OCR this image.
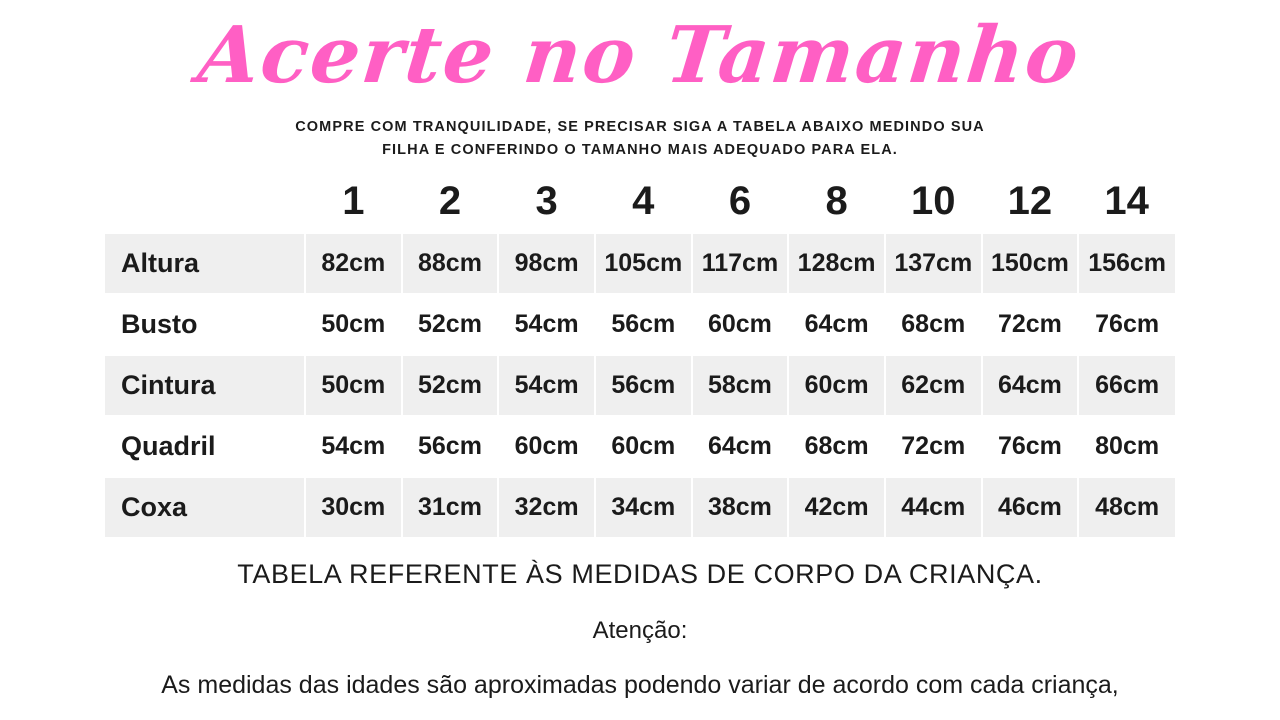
Acerte no Tamanho

COMPRE COM TRANQUILIDADE, SE PRECISAR SIGA A TABELA ABAIXO MEDINDO SUA FILHA E CONFERINDO O TAMANHO MAIS ADEQUADO PARA ELA.

	1	2	3	4	6	8	10	12	14
Altura	82cm	88cm	98cm	105cm	117cm	128cm	137cm	150cm	156cm
Busto	50cm	52cm	54cm	56cm	60cm	64cm	68cm	72cm	76cm
Cintura	50cm	52cm	54cm	56cm	58cm	60cm	62cm	64cm	66cm
Quadril	54cm	56cm	60cm	60cm	64cm	68cm	72cm	76cm	80cm
Coxa	30cm	31cm	32cm	34cm	38cm	42cm	44cm	46cm	48cm

TABELA REFERENTE ÀS MEDIDAS DE CORPO DA CRIANÇA.

Atenção:

As medidas das idades são aproximadas podendo variar de acordo com cada criança,
